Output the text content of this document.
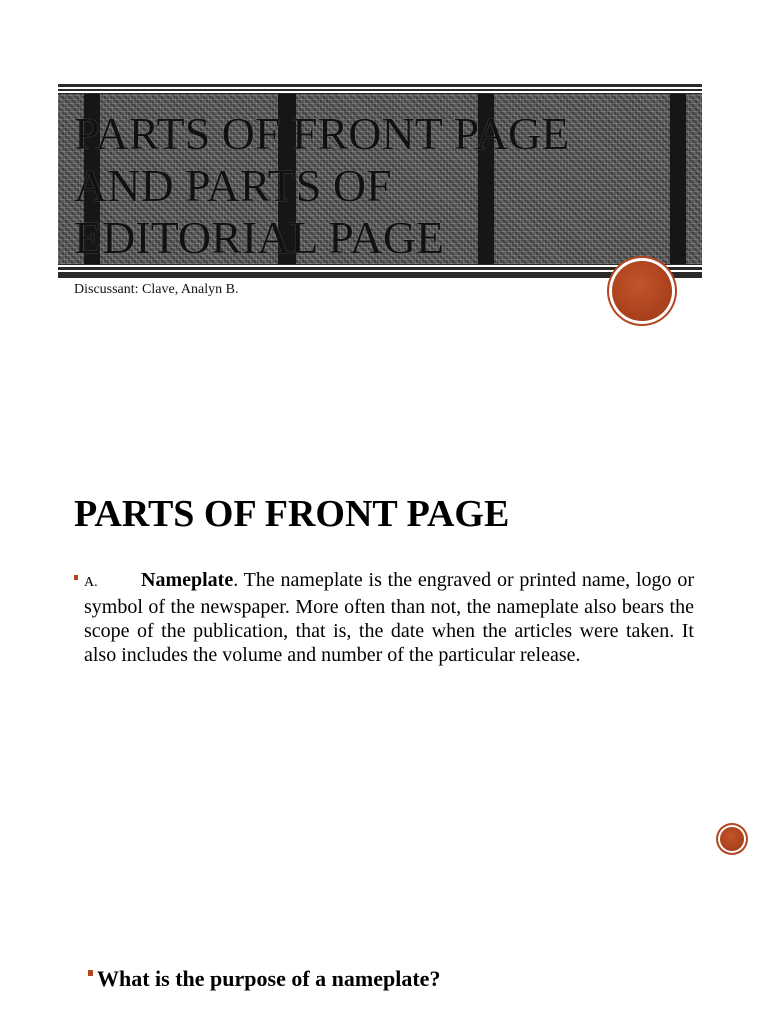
PARTS OF FRONT PAGE
AND PARTS OF
EDITORIAL PAGE

Discussant: Clave, Analyn B.

PARTS OF FRONT PAGE

A. Nameplate. The nameplate is the engraved or printed name, logo or symbol of the newspaper. More often than not, the nameplate also bears the scope of the publication, that is, the date when the articles were taken. It also includes the volume and number of the particular release.

What is the purpose of a nameplate?
